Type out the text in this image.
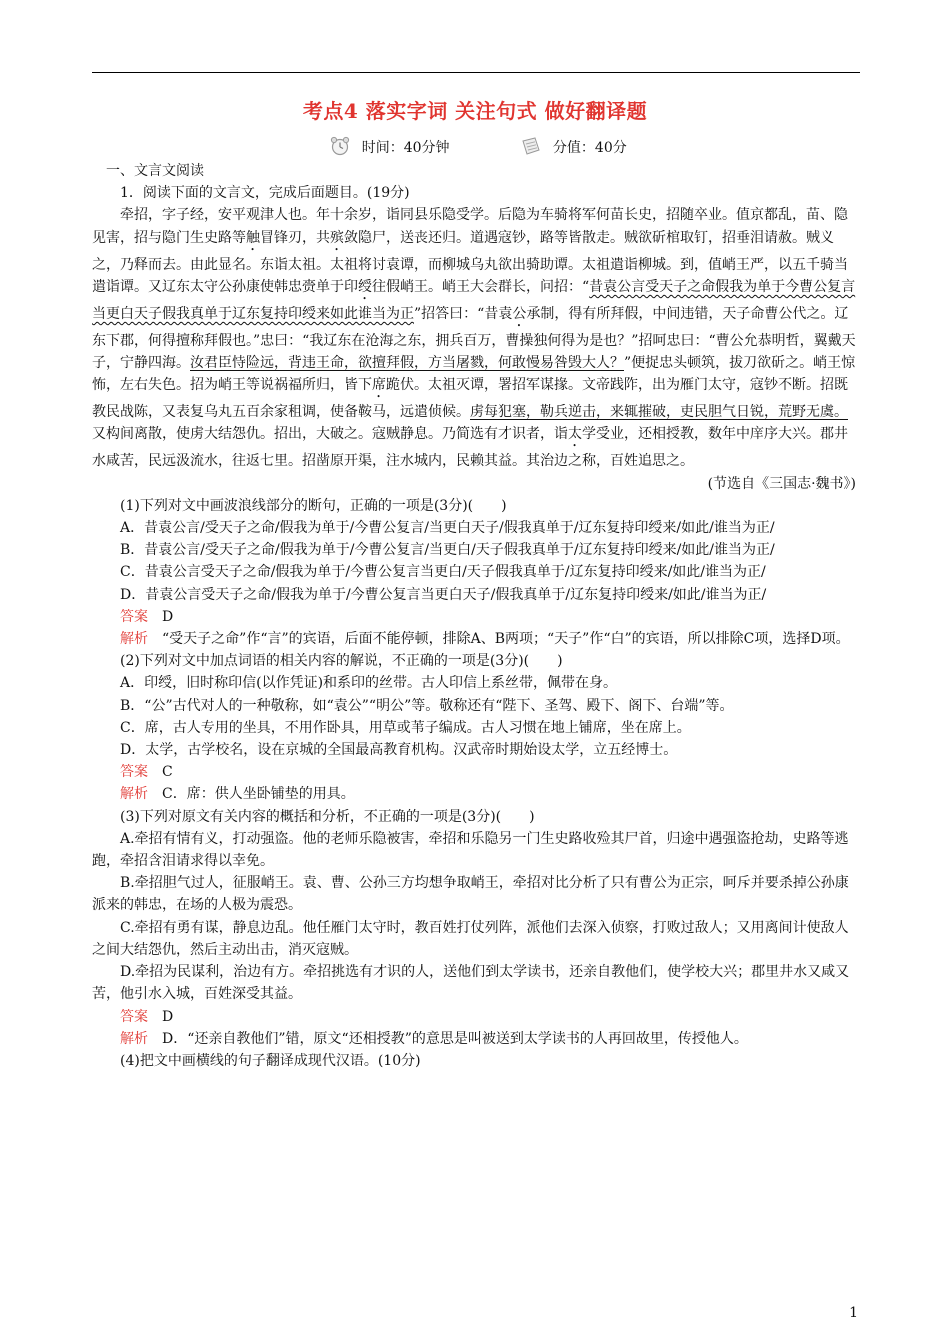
考点4 落实字词 关注句式 做好翻译题
时间：40分钟	分值：40分

一、文言文阅读

1．阅读下面的文言文，完成后面题目。(19分)

牵招，字子经，安平观津人也。年十余岁，诣同县乐隐受学。后隐为车骑将军何苗长史，招随卒业。值京都乱，苗、隐见害，招与隐门生史路等触冒锋刃，共殡敛隐尸，送丧还归。道遇寇钞，路等皆散走。贼欲斫棺取钉，招垂泪请赦。贼义之，乃释而去。由此显名。东诣太祖。太祖将讨袁谭，而柳城乌丸欲出骑助谭。太祖遣诣柳城。到，值峭王严，以五千骑当遣诣谭。又辽东太守公孙康使韩忠赍单于印绶往假峭王。峭王大会群长，问招：“昔袁公言受天子之命假我为单于今曹公复言当更白天子假我真单于辽东复持印绶来如此谁当为正”招答曰：“昔袁公承制，得有所拜假，中间违错，天子命曹公代之。辽东下郡，何得擅称拜假也。”忠曰：“我辽东在沧海之东，拥兵百万，曹操独何得为是也？”招呵忠曰：“曹公允恭明哲，翼戴天子，宁静四海。汝君臣恃险远，背违王命，欲擅拜假，方当屠戮，何敢慢易咎毁大人？”便捉忠头顿筑，拔刀欲斫之。峭王惊怖，左右失色。招为峭王等说祸福所归，皆下席跪伏。太祖灭谭，署招军谋掾。文帝践阼，出为雁门太守，寇钞不断。招既教民战陈，又表复乌丸五百余家租调，使备鞍马，远遣侦候。虏每犯塞，勒兵逆击，来辄摧破，吏民胆气日锐，荒野无虞。又构间离散，使虏大结怨仇。招出，大破之。寇贼静息。乃简选有才识者，诣太学受业，还相授教，数年中庠序大兴。郡井水咸苦，民远汲流水，往返七里。招凿原开渠，注水城内，民赖其益。其治边之称，百姓追思之。

(节选自《三国志·魏书》)

(1)下列对文中画波浪线部分的断句，正确的一项是(3分)(　　)

A．昔袁公言/受天子之命/假我为单于/今曹公复言/当更白天子/假我真单于/辽东复持印绶来/如此/谁当为正/

B．昔袁公言/受天子之命/假我为单于/今曹公复言/当更白/天子假我真单于/辽东复持印绶来/如此/谁当为正/

C．昔袁公言受天子之命/假我为单于/今曹公复言当更白/天子假我真单于/辽东复持印绶来/如此/谁当为正/

D．昔袁公言受天子之命/假我为单于/今曹公复言当更白天子/假我真单于/辽东复持印绶来/如此/谁当为正/

答案　 D

解析　 “受天子之命”作“言”的宾语，后面不能停顿，排除A、B两项；“天子”作“白”的宾语，所以排除C项，选择D项。

(2)下列对文中加点词语的相关内容的解说，不正确的一项是(3分)(　　)

A．印绶，旧时称印信(以作凭证)和系印的丝带。古人印信上系丝带，佩带在身。

B．“公”古代对人的一种敬称，如“袁公”“明公”等。敬称还有“陛下、圣驾、殿下、阁下、台端”等。

C．席，古人专用的坐具，不用作卧具，用草或苇子编成。古人习惯在地上铺席，坐在席上。

D．太学，古学校名，设在京城的全国最高教育机构。汉武帝时期始设太学，立五经博士。

答案　 C

解析　 C．席：供人坐卧铺垫的用具。

(3)下列对原文有关内容的概括和分析，不正确的一项是(3分)(　　)

A.牵招有情有义，打动强盗。他的老师乐隐被害，牵招和乐隐另一门生史路收殓其尸首，归途中遇强盗抢劫，史路等逃跑，牵招含泪请求得以幸免。

B.牵招胆气过人，征服峭王。袁、曹、公孙三方均想争取峭王，牵招对比分析了只有曹公为正宗，呵斥并要杀掉公孙康派来的韩忠，在场的人极为震恐。

C.牵招有勇有谋，静息边乱。他任雁门太守时，教百姓打仗列阵，派他们去深入侦察，打败过敌人；又用离间计使敌人之间大结怨仇，然后主动出击，消灭寇贼。

D.牵招为民谋利，治边有方。牵招挑选有才识的人，送他们到太学读书，还亲自教他们，使学校大兴；郡里井水又咸又苦，他引水入城，百姓深受其益。

答案　 D

解析　 D．“还亲自教他们”错，原文“还相授教”的意思是叫被送到太学读书的人再回故里，传授他人。

(4)把文中画横线的句子翻译成现代汉语。(10分)

1
